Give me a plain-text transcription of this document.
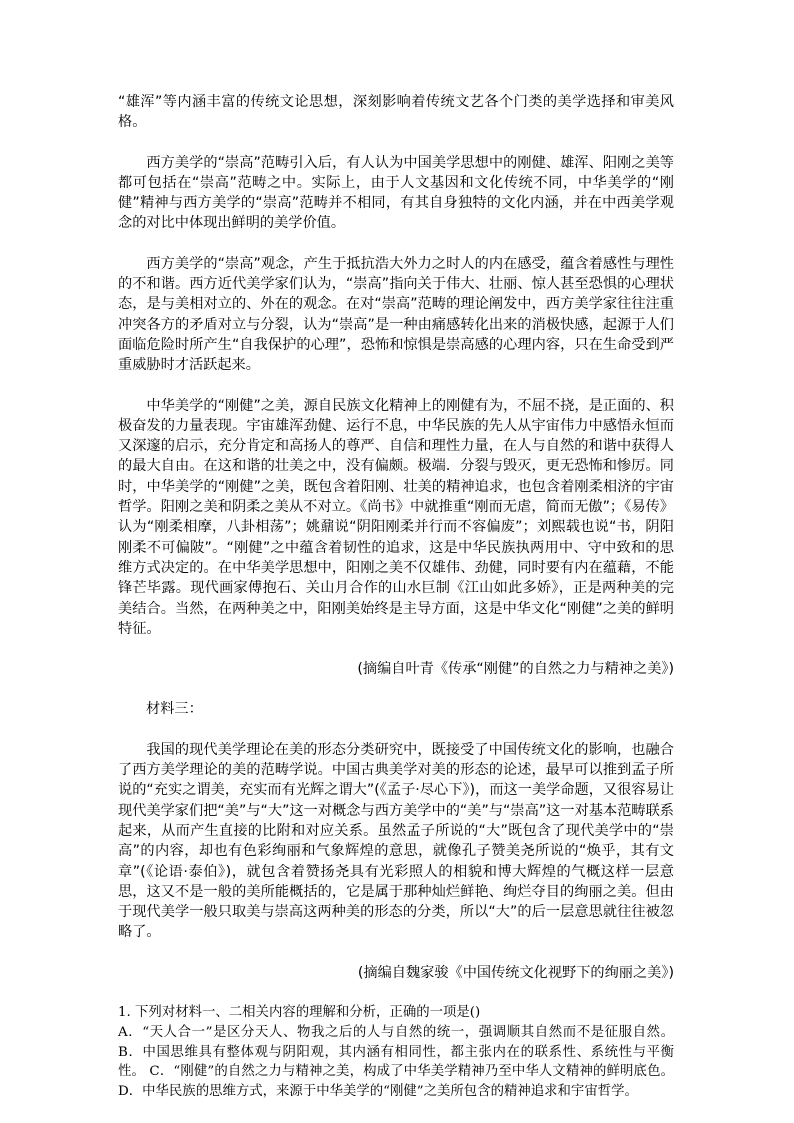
“雄浑”等内涵丰富的传统文论思想，深刻影响着传统文艺各个门类的美学选择和审美风格。

西方美学的“崇高”范畴引入后，有人认为中国美学思想中的刚健、雄浑、阳刚之美等都可包括在“崇高”范畴之中。实际上，由于人文基因和文化传统不同，中华美学的“刚健”精神与西方美学的“崇高”范畴并不相同，有其自身独特的文化内涵，并在中西美学观念的对比中体现出鲜明的美学价值。

西方美学的“崇高”观念，产生于抵抗浩大外力之时人的内在感受，蕴含着感性与理性的不和谐。西方近代美学家们认为，“崇高”指向关于伟大、壮丽、惊人甚至恐惧的心理状态，是与美相对立的、外在的观念。在对“崇高”范畴的理论阐发中，西方美学家往往注重冲突各方的矛盾对立与分裂，认为“崇高”是一种由痛感转化出来的消极快感，起源于人们面临危险时所产生“自我保护的心理”，恐怖和惊惧是崇高感的心理内容，只在生命受到严重威胁时才活跃起来。

中华美学的“刚健”之美，源自民族文化精神上的刚健有为，不屈不挠，是正面的、积极奋发的力量表现。宇宙雄浑劲健、运行不息，中华民族的先人从宇宙伟力中感悟永恒而又深邃的启示，充分肯定和高扬人的尊严、自信和理性力量，在人与自然的和谐中获得人的最大自由。在这和谐的壮美之中，没有偏颇。极端．分裂与毁灭，更无恐怖和惨厉。同时，中华美学的“刚健”之美，既包含着阳刚、壮美的精神追求，也包含着刚柔相济的宇宙哲学。阳刚之美和阴柔之美从不对立。《尚书》中就推重“刚而无虐，简而无傲”；《易传》认为“刚柔相摩，八卦相荡”；姚鼐说“阴阳刚柔并行而不容偏废”；刘熙载也说“书，阴阳刚柔不可偏陂”。“刚健”之中蕴含着韧性的追求，这是中华民族执两用中、守中致和的思维方式决定的。在中华美学思想中，阳刚之美不仅雄伟、劲健，同时要有内在蕴藉，不能锋芒毕露。现代画家傅抱石、关山月合作的山水巨制《江山如此多娇》，正是两种美的完美结合。当然，在两种美之中，阳刚美始终是主导方面，这是中华文化“刚健”之美的鲜明特征。

(摘编自叶青《传承“刚健”的自然之力与精神之美》)

材料三：

我国的现代美学理论在美的形态分类研究中，既接受了中国传统文化的影响，也融合了西方美学理论的美的范畴学说。中国古典美学对美的形态的论述，最早可以推到孟子所说的“充实之谓美，充实而有光辉之谓大”(《孟子·尽心下》)，而这一美学命题，又很容易让现代美学家们把“美”与“大”这一对概念与西方美学中的“美”与“崇高”这一对基本范畴联系起来，从而产生直接的比附和对应关系。虽然孟子所说的“大”既包含了现代美学中的“崇高”的内容，却也有色彩绚丽和气象辉煌的意思，就像孔子赞美尧所说的“焕乎，其有文章”(《论语·泰伯》)，就包含着赞扬尧具有光彩照人的相貌和博大辉煌的气概这样一层意思，这又不是一般的美所能概括的，它是属于那种灿烂鲜艳、绚烂夺目的绚丽之美。但由于现代美学一般只取美与崇高这两种美的形态的分类，所以“大”的后一层意思就往往被忽略了。

(摘编自魏家骏《中国传统文化视野下的绚丽之美》)

1. 下列对材料一、二相关内容的理解和分析，正确的一项是()

A．“天人合一”是区分天人、物我之后的人与自然的统一，强调顺其自然而不是征服自然。 B．中国思维具有整体观与阴阳观，其内涵有相同性，都主张内在的联系性、系统性与平衡性。 C．“刚健”的自然之力与精神之美，构成了中华美学精神乃至中华人文精神的鲜明底色。 D．中华民族的思维方式，来源于中华美学的“刚健”之美所包含的精神追求和宇宙哲学。
